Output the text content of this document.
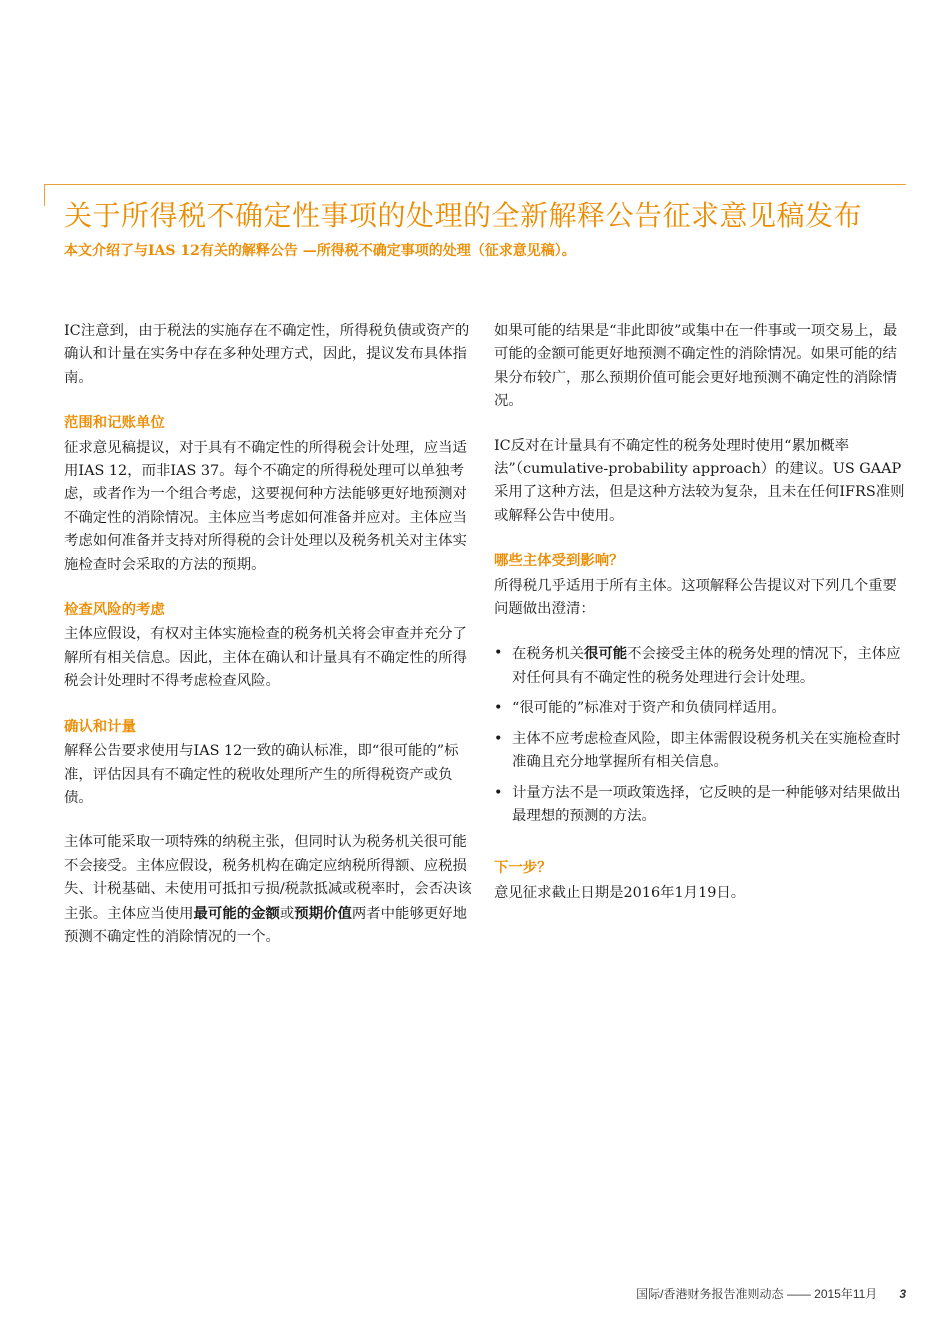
关于所得税不确定性事项的处理的全新解释公告征求意见稿发布

本文介绍了与IAS 12有关的解释公告 —所得税不确定事项的处理（征求意见稿）。

IC注意到，由于税法的实施存在不确定性，所得税负债或资产的确认和计量在实务中存在多种处理方式，因此，提议发布具体指南。

范围和记账单位

征求意见稿提议，对于具有不确定性的所得税会计处理，应当适用IAS 12，而非IAS 37。每个不确定的所得税处理可以单独考虑，或者作为一个组合考虑，这要视何种方法能够更好地预测对不确定性的消除情况。主体应当考虑如何准备并应对。主体应当考虑如何准备并支持对所得税的会计处理以及税务机关对主体实施检查时会采取的方法的预期。

检查风险的考虑

主体应假设，有权对主体实施检查的税务机关将会审查并充分了解所有相关信息。因此，主体在确认和计量具有不确定性的所得税会计处理时不得考虑检查风险。

确认和计量

解释公告要求使用与IAS 12一致的确认标准，即“很可能的”标准，评估因具有不确定性的税收处理所产生的所得税资产或负债。

主体可能采取一项特殊的纳税主张，但同时认为税务机关很可能不会接受。主体应假设，税务机构在确定应纳税所得额、应税损失、计税基础、未使用可抵扣亏损/税款抵减或税率时，会否决该主张。主体应当使用最可能的金额或预期价值两者中能够更好地预测不确定性的消除情况的一个。

如果可能的结果是“非此即彼”或集中在一件事或一项交易上，最可能的金额可能更好地预测不确定性的消除情况。如果可能的结果分布较广，那么预期价值可能会更好地预测不确定性的消除情况。

IC反对在计量具有不确定性的税务处理时使用“累加概率法”（cumulative-probability approach）的建议。US GAAP采用了这种方法，但是这种方法较为复杂，且未在任何IFRS准则或解释公告中使用。

哪些主体受到影响？

所得税几乎适用于所有主体。这项解释公告提议对下列几个重要问题做出澄清：

• 在税务机关很可能不会接受主体的税务处理的情况下，主体应对任何具有不确定性的税务处理进行会计处理。
• “很可能的”标准对于资产和负债同样适用。
• 主体不应考虑检查风险，即主体需假设税务机关在实施检查时准确且充分地掌握所有相关信息。
• 计量方法不是一项政策选择，它反映的是一种能够对结果做出最理想的预测的方法。
下一步？

意见征求截止日期是2016年1月19日。

国际/香港财务报告准则动态 —— 2015年11月 3
